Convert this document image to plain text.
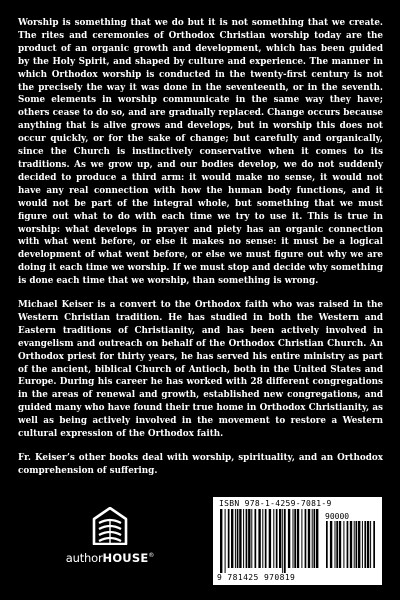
Worship is something that we do but it is not something that we create. The rites and ceremonies of Orthodox Christian worship today are the product of an organic growth and development, which has been guided by the Holy Spirit, and shaped by culture and experience. The manner in which Orthodox worship is conducted in the twenty-first century is not the precisely the way it was done in the seventeenth, or in the seventh. Some elements in worship communicate in the same way they have; others cease to do so, and are gradually replaced. Change occurs because anything that is alive grows and develops, but in worship this does not occur quickly, or for the sake of change; but carefully and organically, since the Church is instinctively conservative when it comes to its traditions. As we grow up, and our bodies develop, we do not suddenly decided to produce a third arm: it would make no sense, it would not have any real connection with how the human body functions, and it would not be part of the integral whole, but something that we must figure out what to do with each time we try to use it. This is true in worship: what develops in prayer and piety has an organic connection with what went before, or else it makes no sense: it must be a logical development of what went before, or else we must figure out why we are doing it each time we worship. If we must stop and decide why something is done each time that we worship, than something is wrong.

Michael Keiser is a convert to the Orthodox faith who was raised in the Western Christian tradition. He has studied in both the Western and Eastern traditions of Christianity, and has been actively involved in evangelism and outreach on behalf of the Orthodox Christian Church. An Orthodox priest for thirty years, he has served his entire ministry as part of the ancient, biblical Church of Antioch, both in the United States and Europe. During his career he has worked with 28 different congregations in the areas of renewal and growth, established new congregations, and guided many who have found their true home in Orthodox Christianity, as well as being actively involved in the movement to restore a Western cultural expression of the Orthodox faith.

Fr. Keiser’s other books deal with worship, spirituality, and an Orthodox comprehension of suffering.

authorHOUSE®
ISBN 978-1-4259-7081-9
90000
9 781425 970819
